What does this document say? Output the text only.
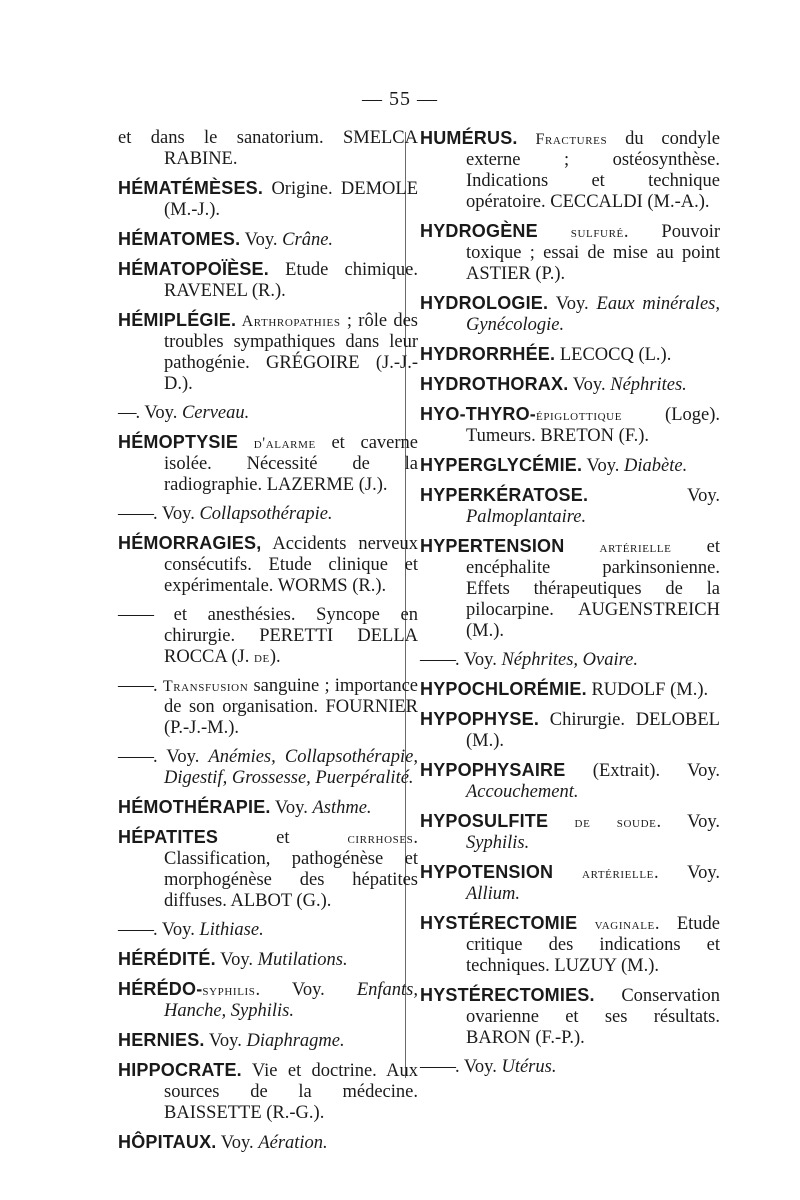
— 55 —
et dans le sanatorium. SMELCA RABINE.
HÉMATÉMÈSES. Origine. DEMOLE (M.-J.).
HÉMATOMES. Voy. Crâne.
HÉMATOPOÏÈSE. Etude chimique. RAVENEL (R.).
HÉMIPLÉGIE. Arthropathies ; rôle des troubles sympathiques dans leur pathogénie. GRÉGOIRE (J.-J.-D.).
—. Voy. Cerveau.
HÉMOPTYSIE d'alarme et caverne isolée. Nécessité de la radiographie. LAZERME (J.).
——. Voy. Collapsothérapie.
HÉMORRAGIES, Accidents nerveux consécutifs. Etude clinique et expérimentale. WORMS (R.).
—— et anesthésies. Syncope en chirurgie. PERETTI DELLA ROCCA (J. de).
——. Transfusion sanguine ; importance de son organisation. FOURNIER (P.-J.-M.).
——. Voy. Anémies, Collapsothérapie, Digestif, Grossesse, Puerpéralité.
HÉMOTHÉRAPIE. Voy. Asthme.
HÉPATITES et cirrhoses. Classification, pathogénèse et morphogénèse des hépatites diffuses. ALBOT (G.).
——. Voy. Lithiase.
HÉRÉDITÉ. Voy. Mutilations.
HÉRÉDO-syphilis. Voy. Enfants, Hanche, Syphilis.
HERNIES. Voy. Diaphragme.
HIPPOCRATE. Vie et doctrine. Aux sources de la médecine. BAISSETTE (R.-G.).
HÔPITAUX. Voy. Aération.
HUMÉRUS. Fractures du condyle externe ; ostéosynthèse. Indications et technique opératoire. CECCALDI (M.-A.).
HYDROGÈNE sulfuré. Pouvoir toxique ; essai de mise au point ASTIER (P.).
HYDROLOGIE. Voy. Eaux minérales, Gynécologie.
HYDRORRHÉE. LECOCQ (L.).
HYDROTHORAX. Voy. Néphrites.
HYO-THYRO-épiglottique (Loge). Tumeurs. BRETON (F.).
HYPERGLYCÉMIE. Voy. Diabète.
HYPERKÉRATOSE. Voy. Palmoplantaire.
HYPERTENSION artérielle et encéphalite parkinsonienne. Effets thérapeutiques de la pilocarpine. AUGENSTREICH (M.).
——. Voy. Néphrites, Ovaire.
HYPOCHLORÉMIE. RUDOLF (M.).
HYPOPHYSE. Chirurgie. DELOBEL (M.).
HYPOPHYSAIRE (Extrait). Voy. Accouchement.
HYPOSULFITE de soude. Voy. Syphilis.
HYPOTENSION artérielle. Voy. Allium.
HYSTÉRECTOMIE vaginale. Etude critique des indications et techniques. LUZUY (M.).
HYSTÉRECTOMIES. Conservation ovarienne et ses résultats. BARON (F.-P.).
——. Voy. Utérus.
